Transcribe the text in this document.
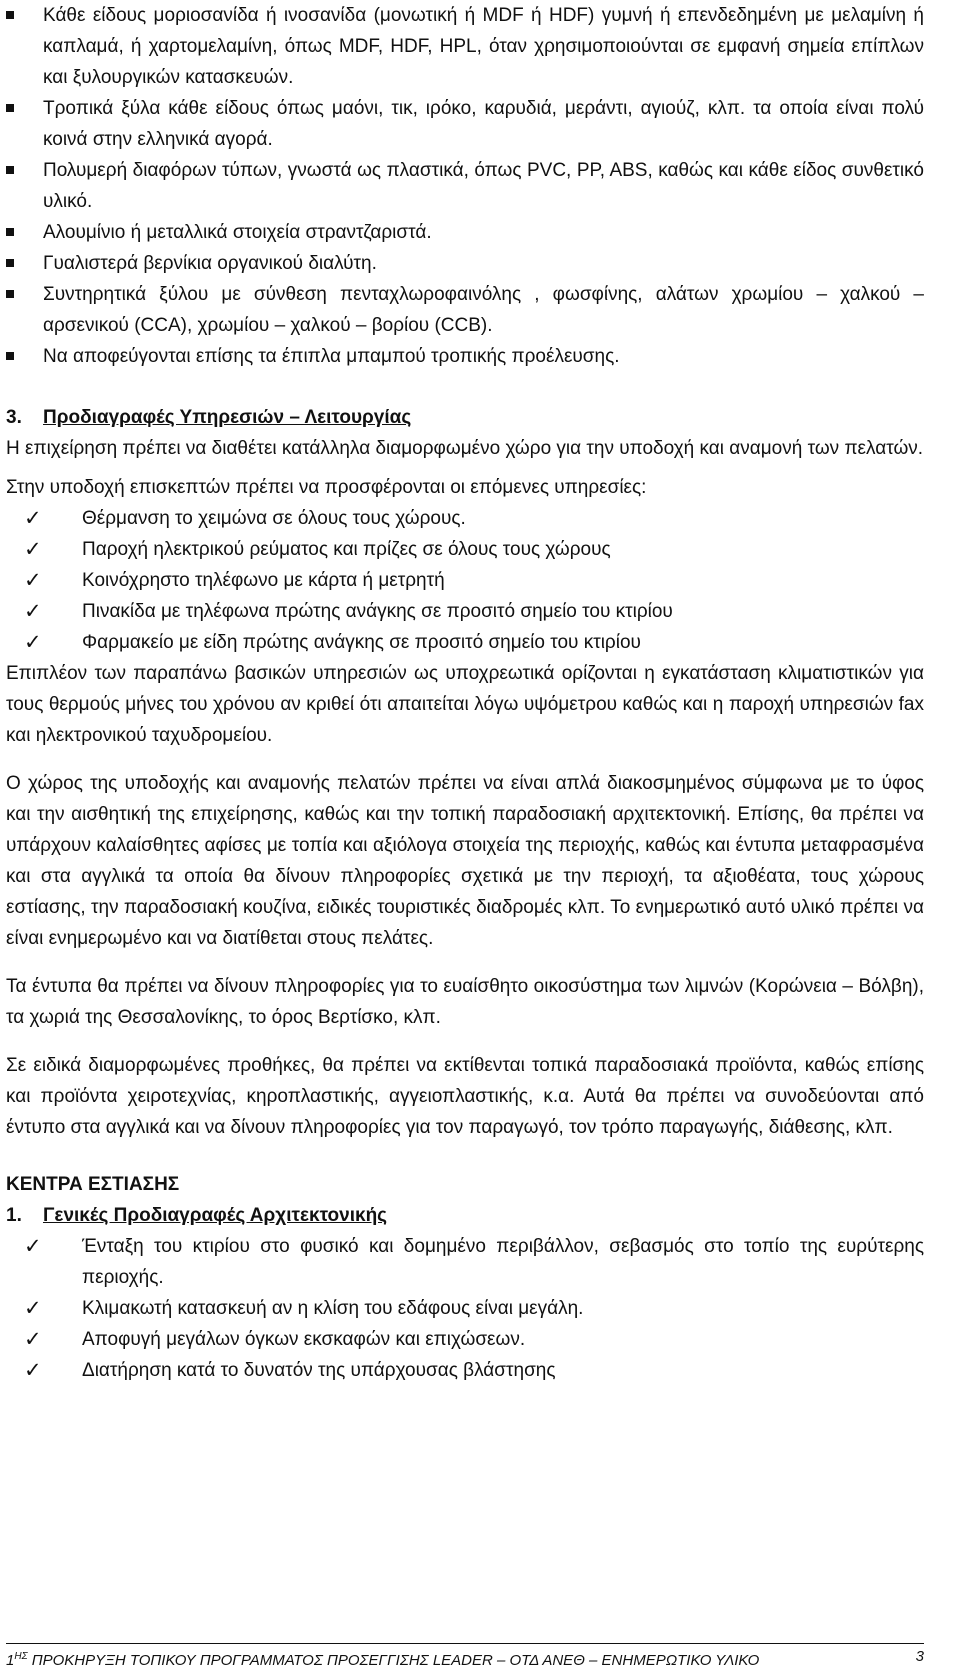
Κάθε είδους μοριοσανίδα ή ινοσανίδα (μονωτική ή MDF ή HDF) γυμνή ή επενδεδημένη με μελαμίνη ή καπλαμά, ή χαρτομελαμίνη, όπως MDF, HDF, HPL, όταν χρησιμοποιούνται σε εμφανή σημεία επίπλων και ξυλουργικών κατασκευών.
Τροπικά ξύλα κάθε είδους όπως μαόνι, τικ, ιρόκο, καρυδιά, μεράντι, αγιούζ, κλπ. τα οποία είναι πολύ κοινά στην ελληνικά αγορά.
Πολυμερή διαφόρων τύπων, γνωστά ως πλαστικά, όπως PVC, PP, ABS, καθώς και κάθε είδος συνθετικό υλικό.
Αλουμίνιο ή μεταλλικά στοιχεία στραντζαριστά.
Γυαλιστερά βερνίκια οργανικού διαλύτη.
Συντηρητικά ξύλου με σύνθεση πενταχλωροφαινόλης , φωσφίνης, αλάτων χρωμίου – χαλκού – αρσενικού (CCA), χρωμίου – χαλκού – βορίου (CCB).
Να αποφεύγονται επίσης τα έπιπλα μπαμπού τροπικής προέλευσης.

3. Προδιαγραφές Υπηρεσιών – Λειτουργίας

Η επιχείρηση πρέπει να διαθέτει κατάλληλα διαμορφωμένο χώρο για την υποδοχή και αναμονή των πελατών.

Στην υποδοχή επισκεπτών πρέπει να προσφέρονται οι επόμενες υπηρεσίες:

✓ Θέρμανση το χειμώνα σε όλους τους χώρους.
✓ Παροχή ηλεκτρικού ρεύματος και πρίζες σε όλους τους χώρους
✓ Κοινόχρηστο τηλέφωνο με κάρτα ή μετρητή
✓ Πινακίδα με τηλέφωνα πρώτης ανάγκης σε προσιτό σημείο του κτιρίου
✓ Φαρμακείο με είδη πρώτης ανάγκης σε προσιτό σημείο του κτιρίου

Επιπλέον των παραπάνω βασικών υπηρεσιών ως υποχρεωτικά ορίζονται η εγκατάσταση κλιματιστικών για τους θερμούς μήνες του χρόνου αν κριθεί ότι απαιτείται λόγω υψόμετρου καθώς και η παροχή υπηρεσιών fax και ηλεκτρονικού ταχυδρομείου.

Ο χώρος της υποδοχής και αναμονής πελατών πρέπει να είναι απλά διακοσμημένος σύμφωνα με το ύφος και την αισθητική της επιχείρησης, καθώς και την τοπική παραδοσιακή αρχιτεκτονική. Επίσης, θα πρέπει να υπάρχουν καλαίσθητες αφίσες με τοπία και αξιόλογα στοιχεία της περιοχής, καθώς και έντυπα μεταφρασμένα και στα αγγλικά τα οποία θα δίνουν πληροφορίες σχετικά με την περιοχή, τα αξιοθέατα, τους χώρους εστίασης, την παραδοσιακή κουζίνα, ειδικές τουριστικές διαδρομές κλπ. Το ενημερωτικό αυτό υλικό πρέπει να είναι ενημερωμένο και να διατίθεται στους πελάτες.

Τα έντυπα θα πρέπει να δίνουν πληροφορίες για το ευαίσθητο οικοσύστημα των λιμνών (Κορώνεια – Βόλβη), τα χωριά της Θεσσαλονίκης, το όρος Βερτίσκο, κλπ.

Σε ειδικά διαμορφωμένες προθήκες, θα πρέπει να εκτίθενται τοπικά παραδοσιακά προϊόντα, καθώς επίσης και προϊόντα χειροτεχνίας, κηροπλαστικής, αγγειοπλαστικής, κ.α. Αυτά θα πρέπει να συνοδεύονται από έντυπο στα αγγλικά και να δίνουν πληροφορίες για τον παραγωγό, τον τρόπο παραγωγής, διάθεσης, κλπ.

ΚΕΝΤΡΑ ΕΣΤΙΑΣΗΣ

1. Γενικές Προδιαγραφές Αρχιτεκτονικής

✓ Ένταξη του κτιρίου στο φυσικό και δομημένο περιβάλλον, σεβασμός στο τοπίο της ευρύτερης περιοχής.
✓ Κλιμακωτή κατασκευή αν η κλίση του εδάφους είναι μεγάλη.
✓ Αποφυγή μεγάλων όγκων εκσκαφών και επιχώσεων.
✓ Διατήρηση κατά το δυνατόν της υπάρχουσας βλάστησης
$1^{H\Sigma}$ ΠΡΟΚΗΡΥΞΗ ΤΟΠΙΚΟΥ ΠΡΟΓΡΑΜΜΑΤΟΣ ΠΡΟΣΕΓΓΙΣΗΣ LEADER – ΟΤΔ ΑΝΕΘ – ΕΝΗΜΕΡΩΤΙΚΟ ΥΛΙΚΟ	3
